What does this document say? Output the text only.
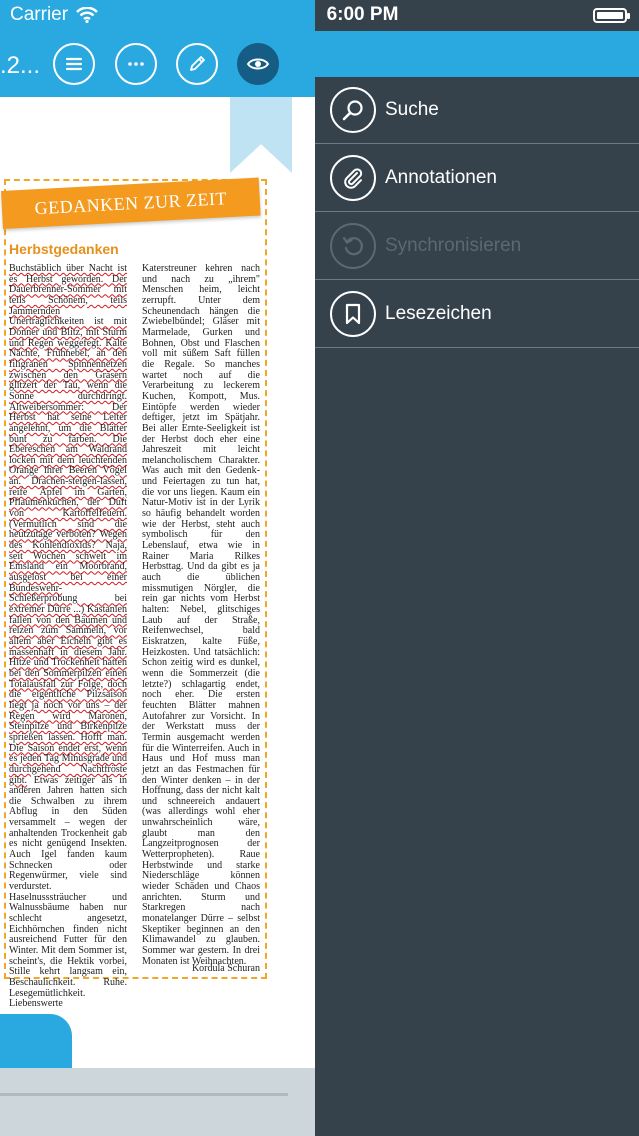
Carrier
.2...
GEDANKEN ZUR ZEIT
Herbstgedanken
Buchstäblich über Nacht ist es Herbst geworden. Der Dauerbrenner-Sommer mit teils Schönem, teils Jammernden Unerträglichkeiten ist mit Donner und Blitz, mit Sturm und Regen weggefegt. Kalte Nächte, Frühnebel, an den filigranen Spinnennetzen zwischen den Gräsern glitzert der Tau, wenn die Sonne durchdringt. Altweibersommer: Der Herbst hat seine Leiter angelehnt, um die Blätter bunt zu färben. Die Ebereschen am Waldrand locken mit dem leuchtenden Orange ihrer Beeren Vögel an. Drachen-steigen-lassen, reife Äpfel im Garten, Pflaumenkuchen, der Duft von Kartoffelfeuern. (Vermutlich sind die heutzutage verboten? Wegen des Kohlendioxids? Naja, seit Wochen schwelt im Emsland ein Moorbrand, ausgelöst bei einer Bundeswehr-Schießerprobung bei extremer Dürre ...) Kastanien fallen von den Bäumen und reizen zum Sammeln, vor allem aber Eicheln gibt es massenhaft in diesem Jahr. Hitze und Trockenheit hatten bei den Sommerpilzen einen Totalausfall zur Folge, doch die eigentliche Pilzsaison liegt ja noch vor uns – der Regen wird Maronen, Steinpilze und Birkenpilze sprießen lassen. Hofft man. Die Saison endet erst, wenn es jeden Tag Minusgrade und durchgehend Nachtfröste gibt. Etwas zeitiger als in anderen Jahren hatten sich die Schwalben zu ihrem Abflug in den Süden versammelt – wegen der anhaltenden Trockenheit gab es nicht genügend Insekten. Auch Igel fanden kaum Schnecken oder Regenwürmer, viele sind verdurstet. Haselnusssträucher und Walnussbäume haben nur schlecht angesetzt, Eichhörnchen finden nicht ausreichend Futter für den Winter. Mit dem Sommer ist, scheint's, die Hektik vorbei, Stille kehrt langsam ein, Beschaulichkeit. Ruhe. Lesegemütlichkeit. Liebenswerte
Katerstreuner kehren nach und nach zu „ihrem" Menschen heim, leicht zerrupft. Unter dem Scheunendach hängen die Zwiebelbündel; Gläser mit Marmelade, Gurken und Bohnen, Obst und Flaschen voll mit süßem Saft füllen die Regale. So manches wartet noch auf die Verarbeitung zu leckerem Kuchen, Kompott, Mus. Eintöpfe werden wieder deftiger, jetzt im Spätjahr. Bei aller Ernte-Seeligkeit ist der Herbst doch eher eine Jahreszeit mit leicht melancholischem Charakter. Was auch mit den Gedenk- und Feiertagen zu tun hat, die vor uns liegen. Kaum ein Natur-Motiv ist in der Lyrik so häufig behandelt worden wie der Herbst, steht auch symbolisch für den Lebenslauf, etwa wie in Rainer Maria Rilkes Herbsttag. Und da gibt es ja auch die üblichen missmutigen Nörgler, die rein gar nichts vom Herbst halten: Nebel, glitschiges Laub auf der Straße, Reifenwechsel, bald Eiskratzen, kalte Füße, Heizkosten. Und tatsächlich: Schon zeitig wird es dunkel, wenn die Sommerzeit (die letzte?) schlagartig endet, noch eher. Die ersten feuchten Blätter mahnen Autofahrer zur Vorsicht. In der Werkstatt muss der Termin ausgemacht werden für die Winterreifen. Auch in Haus und Hof muss man jetzt an das Festmachen für den Winter denken – in der Hoffnung, dass der nicht kalt und schneereich andauert (was allerdings wohl eher unwahrscheinlich wäre, glaubt man den Langzeitprognosen der Wetterpropheten). Raue Herbstwinde und starke Niederschläge können wieder Schäden und Chaos anrichten. Sturm und Starkregen nach monatelanger Dürre – selbst Skeptiker beginnen an den Klimawandel zu glauben. Sommer war gestern. In drei Monaten ist Weihnachten.
Kordula Schuran
6:00 PM
Suche
Annotationen
Synchronisieren
Lesezeichen
